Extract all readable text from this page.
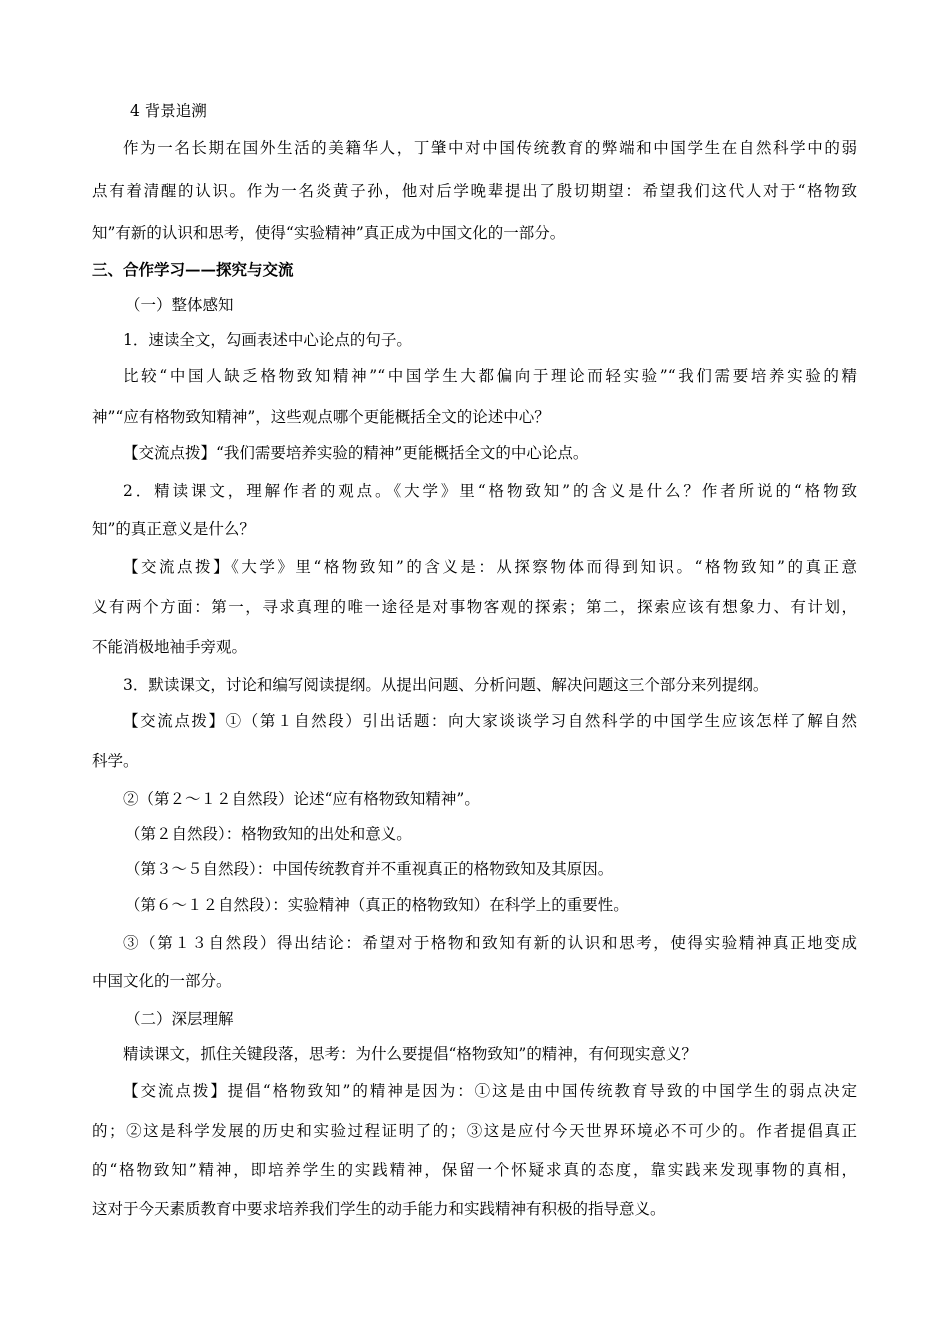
4 背景追溯
作为一名长期在国外生活的美籍华人，丁肇中对中国传统教育的弊端和中国学生在自然科学中的弱
点有着清醒的认识。作为一名炎黄子孙，他对后学晚辈提出了殷切期望：希望我们这代人对于“格物致
知”有新的认识和思考，使得“实验精神”真正成为中国文化的一部分。
三、合作学习——探究与交流
（一）整体感知
1．速读全文，勾画表述中心论点的句子。
比较“中国人缺乏格物致知精神”“中国学生大都偏向于理论而轻实验”“我们需要培养实验的精
神”“应有格物致知精神”，这些观点哪个更能概括全文的论述中心？
【交流点拨】“我们需要培养实验的精神”更能概括全文的中心论点。
2．精读课文，理解作者的观点。《大学》里“格物致知”的含义是什么？作者所说的“格物致
知”的真正意义是什么？
【交流点拨】《大学》里“格物致知”的含义是：从探察物体而得到知识。“格物致知”的真正意
义有两个方面：第一，寻求真理的唯一途径是对事物客观的探索；第二，探索应该有想象力、有计划，
不能消极地袖手旁观。
3．默读课文，讨论和编写阅读提纲。从提出问题、分析问题、解决问题这三个部分来列提纲。
【交流点拨】①（第１自然段）引出话题：向大家谈谈学习自然科学的中国学生应该怎样了解自然
科学。
②（第２～１２自然段）论述“应有格物致知精神”。
（第２自然段）：格物致知的出处和意义。
（第３～５自然段）：中国传统教育并不重视真正的格物致知及其原因。
（第６～１２自然段）：实验精神（真正的格物致知）在科学上的重要性。
③（第１３自然段）得出结论：希望对于格物和致知有新的认识和思考，使得实验精神真正地变成
中国文化的一部分。
（二）深层理解
精读课文，抓住关键段落，思考：为什么要提倡“格物致知”的精神，有何现实意义？
【交流点拨】提倡“格物致知”的精神是因为：①这是由中国传统教育导致的中国学生的弱点决定
的；②这是科学发展的历史和实验过程证明了的；③这是应付今天世界环境必不可少的。作者提倡真正
的“格物致知”精神，即培养学生的实践精神，保留一个怀疑求真的态度，靠实践来发现事物的真相，
这对于今天素质教育中要求培养我们学生的动手能力和实践精神有积极的指导意义。
